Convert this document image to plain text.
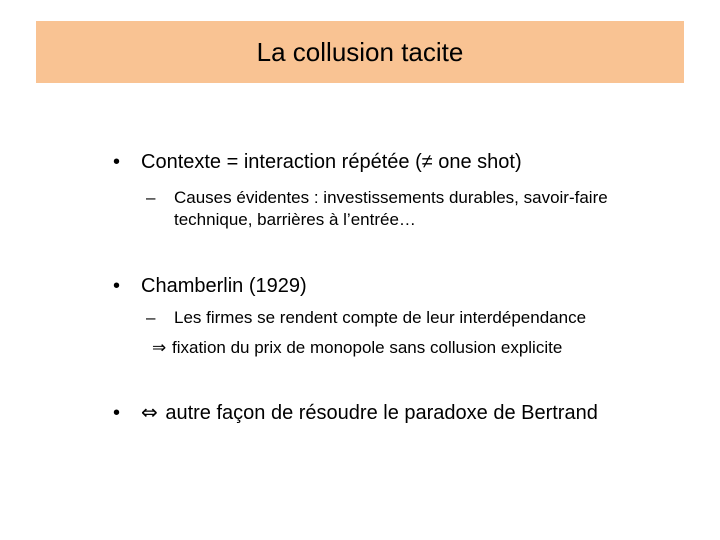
La collusion tacite
• Contexte = interaction répétée (≠ one shot)
–	Causes évidentes : investissements durables, savoir-faire
technique, barrières à l’entrée…
• Chamberlin (1929)
–	Les firmes se rendent compte de leur interdépendance
⇒ fixation du prix de monopole sans collusion explicite
• ⇔ autre façon de résoudre le paradoxe de Bertrand
